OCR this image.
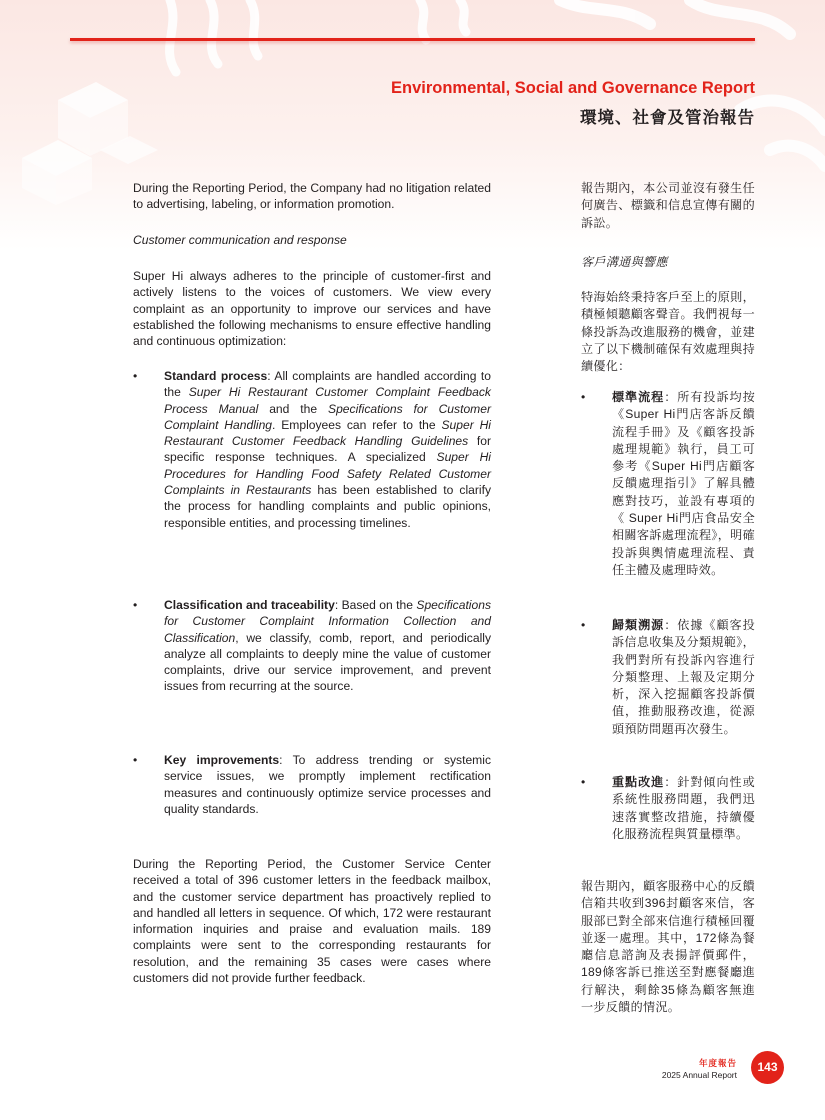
Environmental, Social and Governance Report
環境、社會及管治報告

During the Reporting Period, the Company had no litigation related to advertising, labeling, or information promotion.

Customer communication and response

Super Hi always adheres to the principle of customer-first and actively listens to the voices of customers. We view every complaint as an opportunity to improve our services and have established the following mechanisms to ensure effective handling and continuous optimization:

• Standard process: All complaints are handled according to the Super Hi Restaurant Customer Complaint Feedback Process Manual and the Specifications for Customer Complaint Handling. Employees can refer to the Super Hi Restaurant Customer Feedback Handling Guidelines for specific response techniques. A specialized Super Hi Procedures for Handling Food Safety Related Customer Complaints in Restaurants has been established to clarify the process for handling complaints and public opinions, responsible entities, and processing timelines.

• Classification and traceability: Based on the Specifications for Customer Complaint Information Collection and Classification, we classify, comb, report, and periodically analyze all complaints to deeply mine the value of customer complaints, drive our service improvement, and prevent issues from recurring at the source.

• Key improvements: To address trending or systemic service issues, we promptly implement rectification measures and continuously optimize service processes and quality standards.

During the Reporting Period, the Customer Service Center received a total of 396 customer letters in the feedback mailbox, and the customer service department has proactively replied to and handled all letters in sequence. Of which, 172 were restaurant information inquiries and praise and evaluation mails. 189 complaints were sent to the corresponding restaurants for resolution, and the remaining 35 cases were cases where customers did not provide further feedback.

報告期內，本公司並沒有發生任何廣告、標籤和信息宣傳有關的訴訟。

客戶溝通與響應

特海始終秉持客戶至上的原則，積極傾聽顧客聲音。我們視每一條投訴為改進服務的機會，並建立了以下機制確保有效處理與持續優化：

• 標準流程：所有投訴均按《Super Hi門店客訴反饋流程手冊》及《顧客投訴處理規範》執行，員工可參考《Super Hi門店顧客反饋處理指引》了解具體應對技巧，並設有專項的《 Super Hi門店食品安全相關客訴處理流程》，明確投訴與輿情處理流程、責任主體及處理時效。

• 歸類溯源：依據《顧客投訴信息收集及分類規範》，我們對所有投訴內容進行分類整理、上報及定期分析，深入挖掘顧客投訴價值，推動服務改進，從源頭預防問題再次發生。

• 重點改進：針對傾向性或系統性服務問題，我們迅速落實整改措施，持續優化服務流程與質量標準。

報告期內，顧客服務中心的反饋信箱共收到396封顧客來信，客服部已對全部來信進行積極回覆並逐一處理。其中，172條為餐廳信息諮詢及表揚評價郵件，189條客訴已推送至對應餐廳進行解決，剩餘35條為顧客無進一步反饋的情況。

年度報告
2025 Annual Report
143
